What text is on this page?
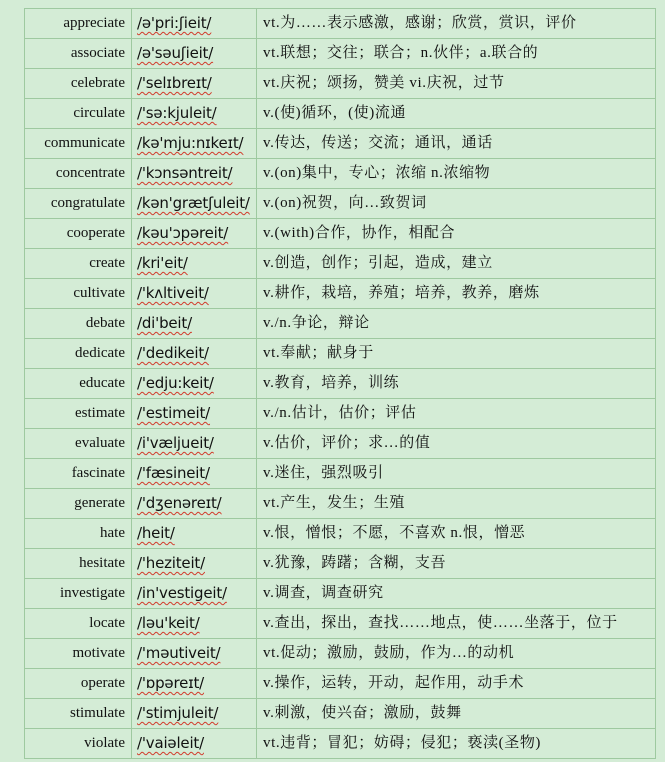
appreciate	/ə'pri:ʃieit/	vt.为……表示感激，感谢；欣赏，赏识，评价
associate	/ə'səuʃieit/	vt.联想；交往；联合；n.伙伴；a.联合的
celebrate	/'selɪbreɪt/	vt.庆祝；颂扬，赞美 vi.庆祝，过节
circulate	/'sə:kjuleit/	v.(使)循环，(使)流通
communicate	/kə'mju:nɪkeɪt/	v.传达，传送；交流；通讯，通话
concentrate	/'kɔnsəntreit/	v.(on)集中，专心；浓缩 n.浓缩物
congratulate	/kən'grætʃuleit/	v.(on)祝贺，向…致贺词
cooperate	/kəu'ɔpəreit/	v.(with)合作，协作，相配合
create	/kri'eit/	v.创造，创作；引起，造成，建立
cultivate	/'kʌltiveit/	v.耕作，栽培，养殖；培养，教养，磨炼
debate	/di'beit/	v./n.争论，辩论
dedicate	/'dedikeit/	vt.奉献；献身于
educate	/'edju:keit/	v.教育，培养，训练
estimate	/'estimeit/	v./n.估计，估价；评估
evaluate	/i'væljueit/	v.估价，评价；求…的值
fascinate	/'fæsineit/	v.迷住，强烈吸引
generate	/'dʒenəreɪt/	vt.产生，发生；生殖
hate	/heit/	v.恨，憎恨；不愿，不喜欢 n.恨，憎恶
hesitate	/'heziteit/	v.犹豫，踌躇；含糊，支吾
investigate	/in'vestigeit/	v.调查，调查研究
locate	/ləu'keit/	v.查出，探出，查找……地点，使……坐落于，位于
motivate	/'məutiveit/	vt.促动；激励，鼓励，作为…的动机
operate	/'ɒpəreɪt/	v.操作，运转，开动，起作用，动手术
stimulate	/'stimjuleit/	v.刺激，使兴奋；激励，鼓舞
violate	/'vaiəleit/	vt.违背；冒犯；妨碍；侵犯；亵渎(圣物)
